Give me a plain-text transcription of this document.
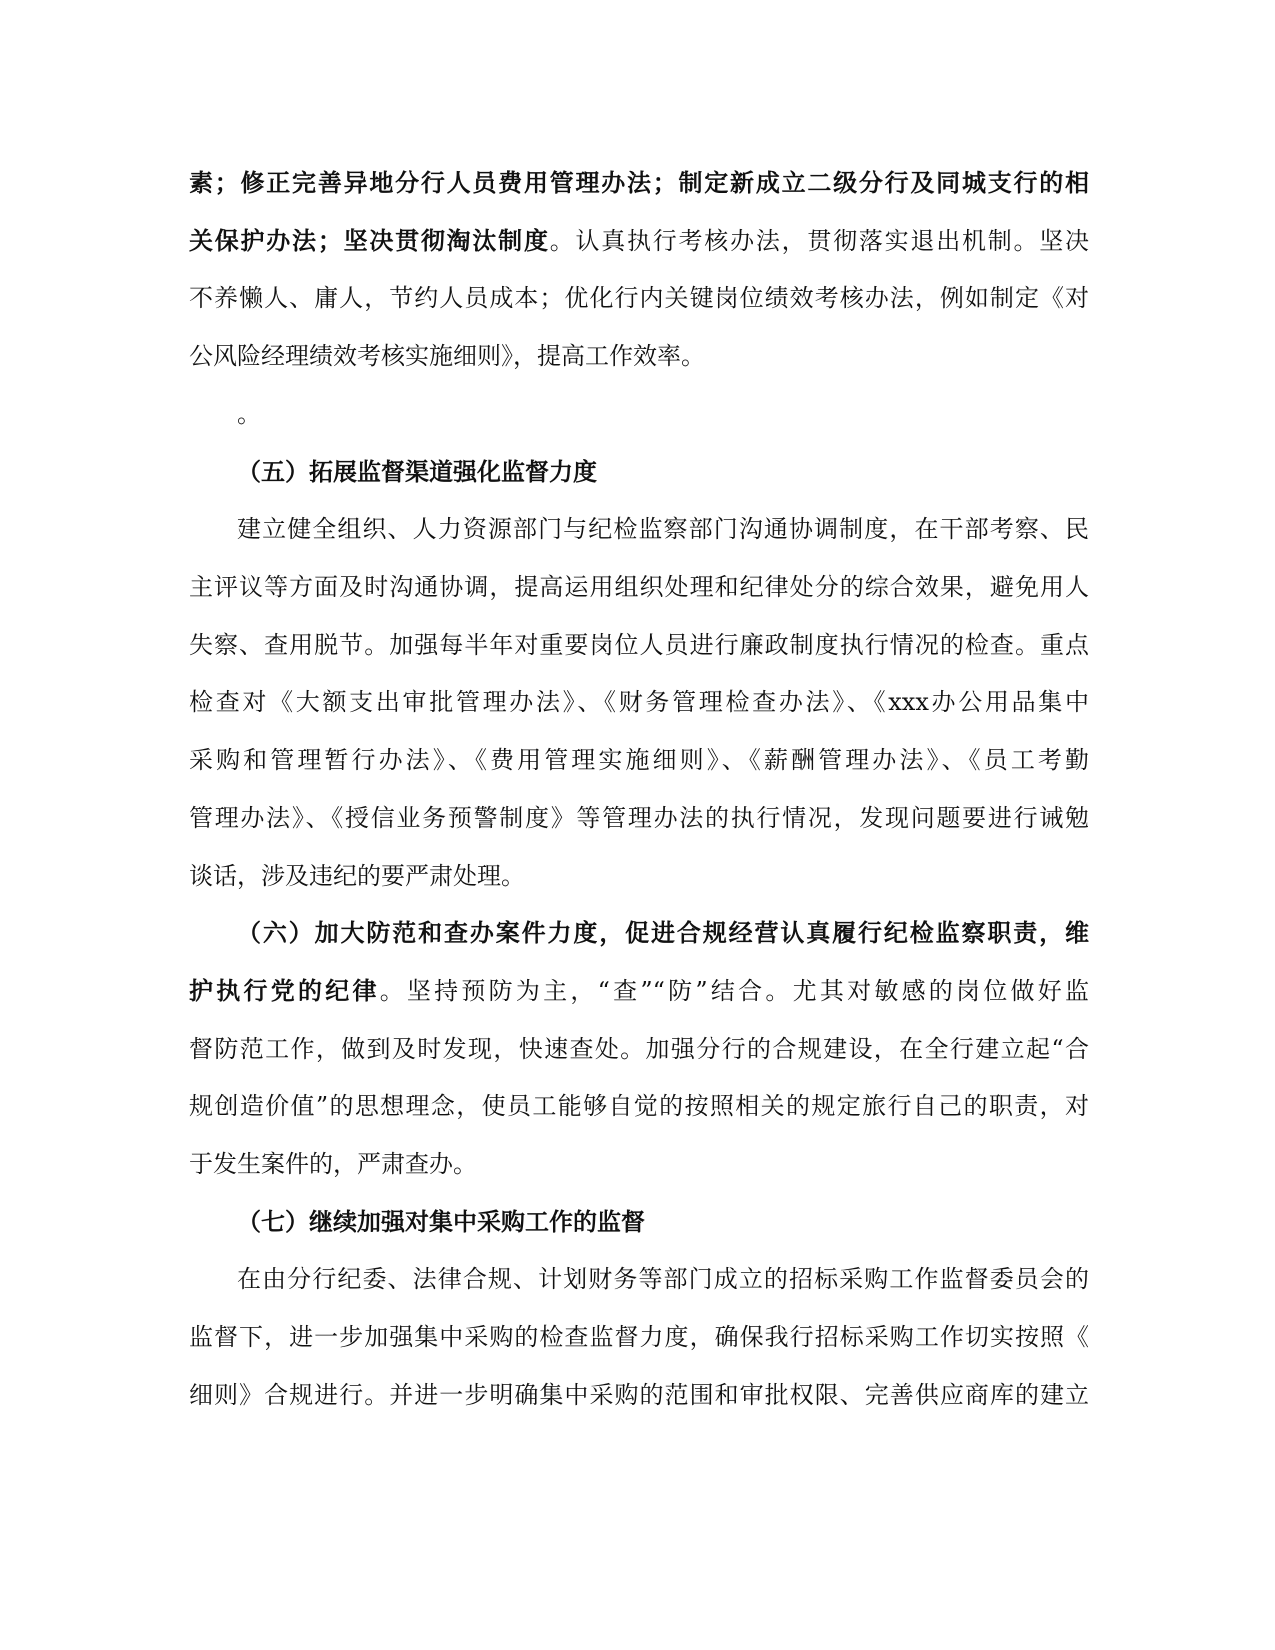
素；修正完善异地分行人员费用管理办法；制定新成立二级分行及同城支行的相
关保护办法；坚决贯彻淘汰制度。认真执行考核办法，贯彻落实退出机制。坚决
不养懒人、庸人，节约人员成本；优化行内关键岗位绩效考核办法，例如制定《对
公风险经理绩效考核实施细则》，提高工作效率。
。
（五）拓展监督渠道强化监督力度
建立健全组织、人力资源部门与纪检监察部门沟通协调制度，在干部考察、民
主评议等方面及时沟通协调，提高运用组织处理和纪律处分的综合效果，避免用人
失察、查用脱节。加强每半年对重要岗位人员进行廉政制度执行情况的检查。重点
检查对《大额支出审批管理办法》、《财务管理检查办法》、《xxx办公用品集中
采购和管理暂行办法》、《费用管理实施细则》、《薪酬管理办法》、《员工考勤
管理办法》、《授信业务预警制度》等管理办法的执行情况，发现问题要进行诫勉
谈话，涉及违纪的要严肃处理。
（六）加大防范和查办案件力度，促进合规经营认真履行纪检监察职责，维
护执行党的纪律。坚持预防为主，“查”“防”结合。尤其对敏感的岗位做好监
督防范工作，做到及时发现，快速查处。加强分行的合规建设，在全行建立起“合
规创造价值”的思想理念，使员工能够自觉的按照相关的规定旅行自己的职责，对
于发生案件的，严肃查办。
（七）继续加强对集中采购工作的监督
在由分行纪委、法律合规、计划财务等部门成立的招标采购工作监督委员会的
监督下，进一步加强集中采购的检查监督力度，确保我行招标采购工作切实按照《
细则》合规进行。并进一步明确集中采购的范围和审批权限、完善供应商库的建立
